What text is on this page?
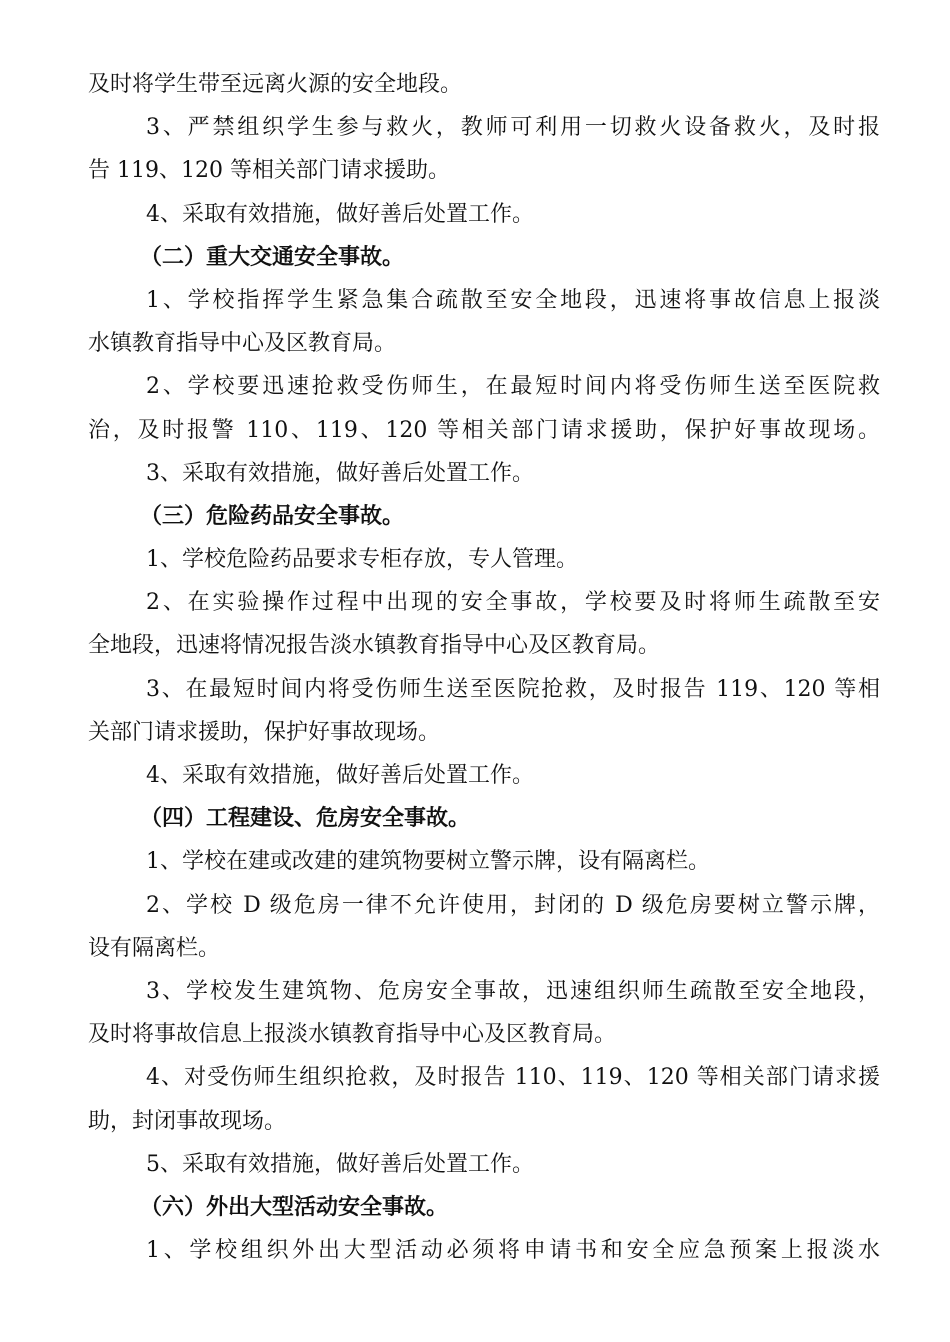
及时将学生带至远离火源的安全地段。
3、严禁组织学生参与救火，教师可利用一切救火设备救火，及时报
告 119、120 等相关部门请求援助。
4、采取有效措施，做好善后处置工作。
（二）重大交通安全事故。
1、学校指挥学生紧急集合疏散至安全地段，迅速将事故信息上报淡
水镇教育指导中心及区教育局。
2、学校要迅速抢救受伤师生，在最短时间内将受伤师生送至医院救
治，及时报警 110、119、120 等相关部门请求援助，保护好事故现场。
3、采取有效措施，做好善后处置工作。
（三）危险药品安全事故。
1、学校危险药品要求专柜存放，专人管理。
2、在实验操作过程中出现的安全事故，学校要及时将师生疏散至安
全地段，迅速将情况报告淡水镇教育指导中心及区教育局。
3、在最短时间内将受伤师生送至医院抢救，及时报告 119、120 等相
关部门请求援助，保护好事故现场。
4、采取有效措施，做好善后处置工作。
（四）工程建设、危房安全事故。
1、学校在建或改建的建筑物要树立警示牌，设有隔离栏。
2、学校 D 级危房一律不允许使用，封闭的 D 级危房要树立警示牌，
设有隔离栏。
3、学校发生建筑物、危房安全事故，迅速组织师生疏散至安全地段，
及时将事故信息上报淡水镇教育指导中心及区教育局。
4、对受伤师生组织抢救，及时报告 110、119、120 等相关部门请求援
助，封闭事故现场。
5、采取有效措施，做好善后处置工作。
（六）外出大型活动安全事故。
1、学校组织外出大型活动必须将申请书和安全应急预案上报淡水
